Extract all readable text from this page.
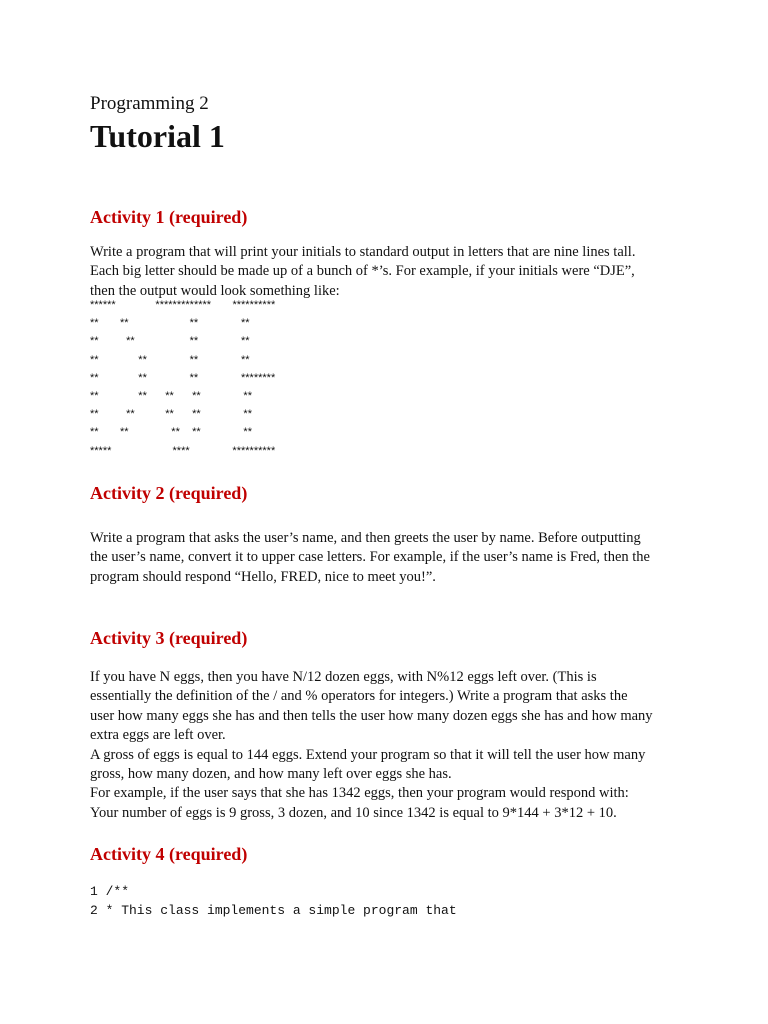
Programming 2
Tutorial 1
Activity 1 (required)
Write a program that will print your initials to standard output in letters that are nine lines tall.
Each big letter should be made up of a bunch of *’s. For example, if your initials were “DJE”,
then the output would look something like:
******             *************       **********
**       **                    **              **
**         **                  **              **
**             **              **              **
**             **              **              ********
**             **      **      **              **
**         **          **      **              **
**       **              **    **              **
*****                    ****              **********
Activity 2 (required)
Write a program that asks the user’s name, and then greets the user by name. Before outputting
the user’s name, convert it to upper case letters. For example, if the user’s name is Fred, then the
program should respond “Hello, FRED, nice to meet you!”.
Activity 3 (required)
If you have N eggs, then you have N/12 dozen eggs, with N%12 eggs left over. (This is
essentially the definition of the / and % operators for integers.) Write a program that asks the
user how many eggs she has and then tells the user how many dozen eggs she has and how many
extra eggs are left over.
A gross of eggs is equal to 144 eggs. Extend your program so that it will tell the user how many
gross, how many dozen, and how many left over eggs she has.
For example, if the user says that she has 1342 eggs, then your program would respond with:
Your number of eggs is 9 gross, 3 dozen, and 10 since 1342 is equal to 9*144 + 3*12 + 10.
Activity 4 (required)
1 /**
2 * This class implements a simple program that
